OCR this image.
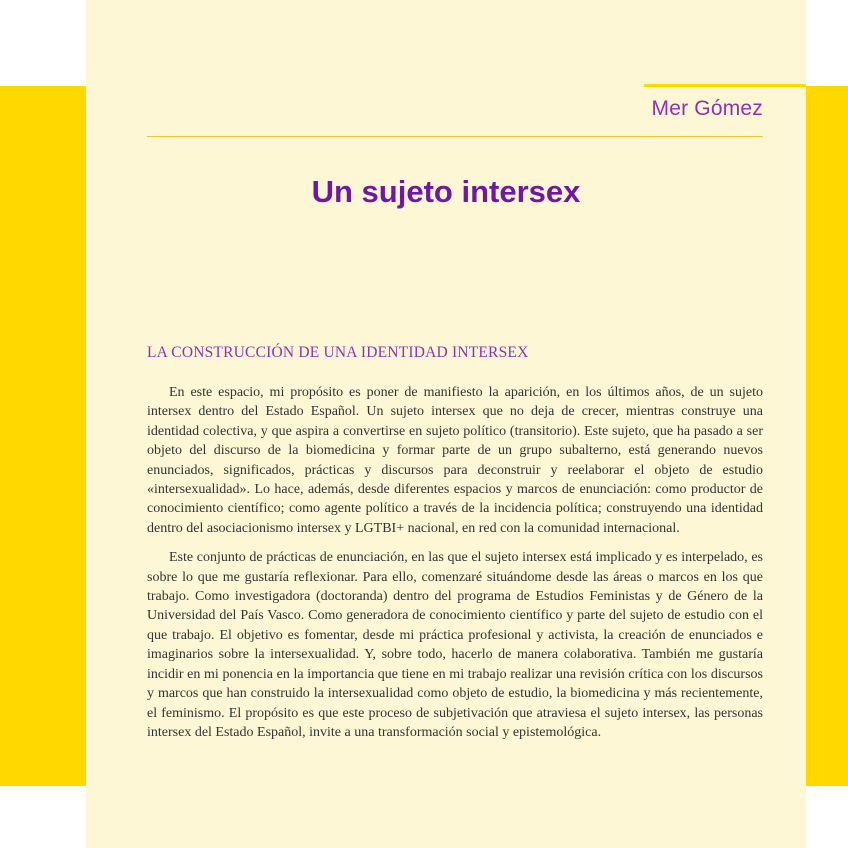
Mer Gómez
Un sujeto intersex
LA CONSTRUCCIÓN DE UNA IDENTIDAD INTERSEX

En este espacio, mi propósito es poner de manifiesto la aparición, en los últimos años, de un sujeto intersex dentro del Estado Español. Un sujeto intersex que no deja de crecer, mientras construye una identidad colectiva, y que aspira a convertirse en sujeto político (transitorio). Este sujeto, que ha pasado a ser objeto del discurso de la biomedicina y formar parte de un grupo subalterno, está generando nuevos enunciados, significados, prácticas y discursos para deconstruir y reelaborar el objeto de estudio «intersexualidad». Lo hace, además, desde diferentes espacios y marcos de enunciación: como productor de conocimiento científico; como agente político a través de la incidencia política; construyendo una identidad dentro del asociacionismo intersex y LGTBI+ nacional, en red con la comunidad internacional.

Este conjunto de prácticas de enunciación, en las que el sujeto intersex está implicado y es interpelado, es sobre lo que me gustaría reflexionar. Para ello, comenzaré situándome desde las áreas o marcos en los que trabajo. Como investigadora (doctoranda) dentro del programa de Estudios Feministas y de Género de la Universidad del País Vasco. Como generadora de conocimiento científico y parte del sujeto de estudio con el que trabajo. El objetivo es fomentar, desde mi práctica profesional y activista, la creación de enunciados e imaginarios sobre la intersexualidad. Y, sobre todo, hacerlo de manera colaborativa. También me gustaría incidir en mi ponencia en la importancia que tiene en mi trabajo realizar una revisión crítica con los discursos y marcos que han construido la intersexualidad como objeto de estudio, la biomedicina y más recientemente, el feminismo. El propósito es que este proceso de subjetivación que atraviesa el sujeto intersex, las personas intersex del Estado Español, invite a una transformación social y epistemológica.
